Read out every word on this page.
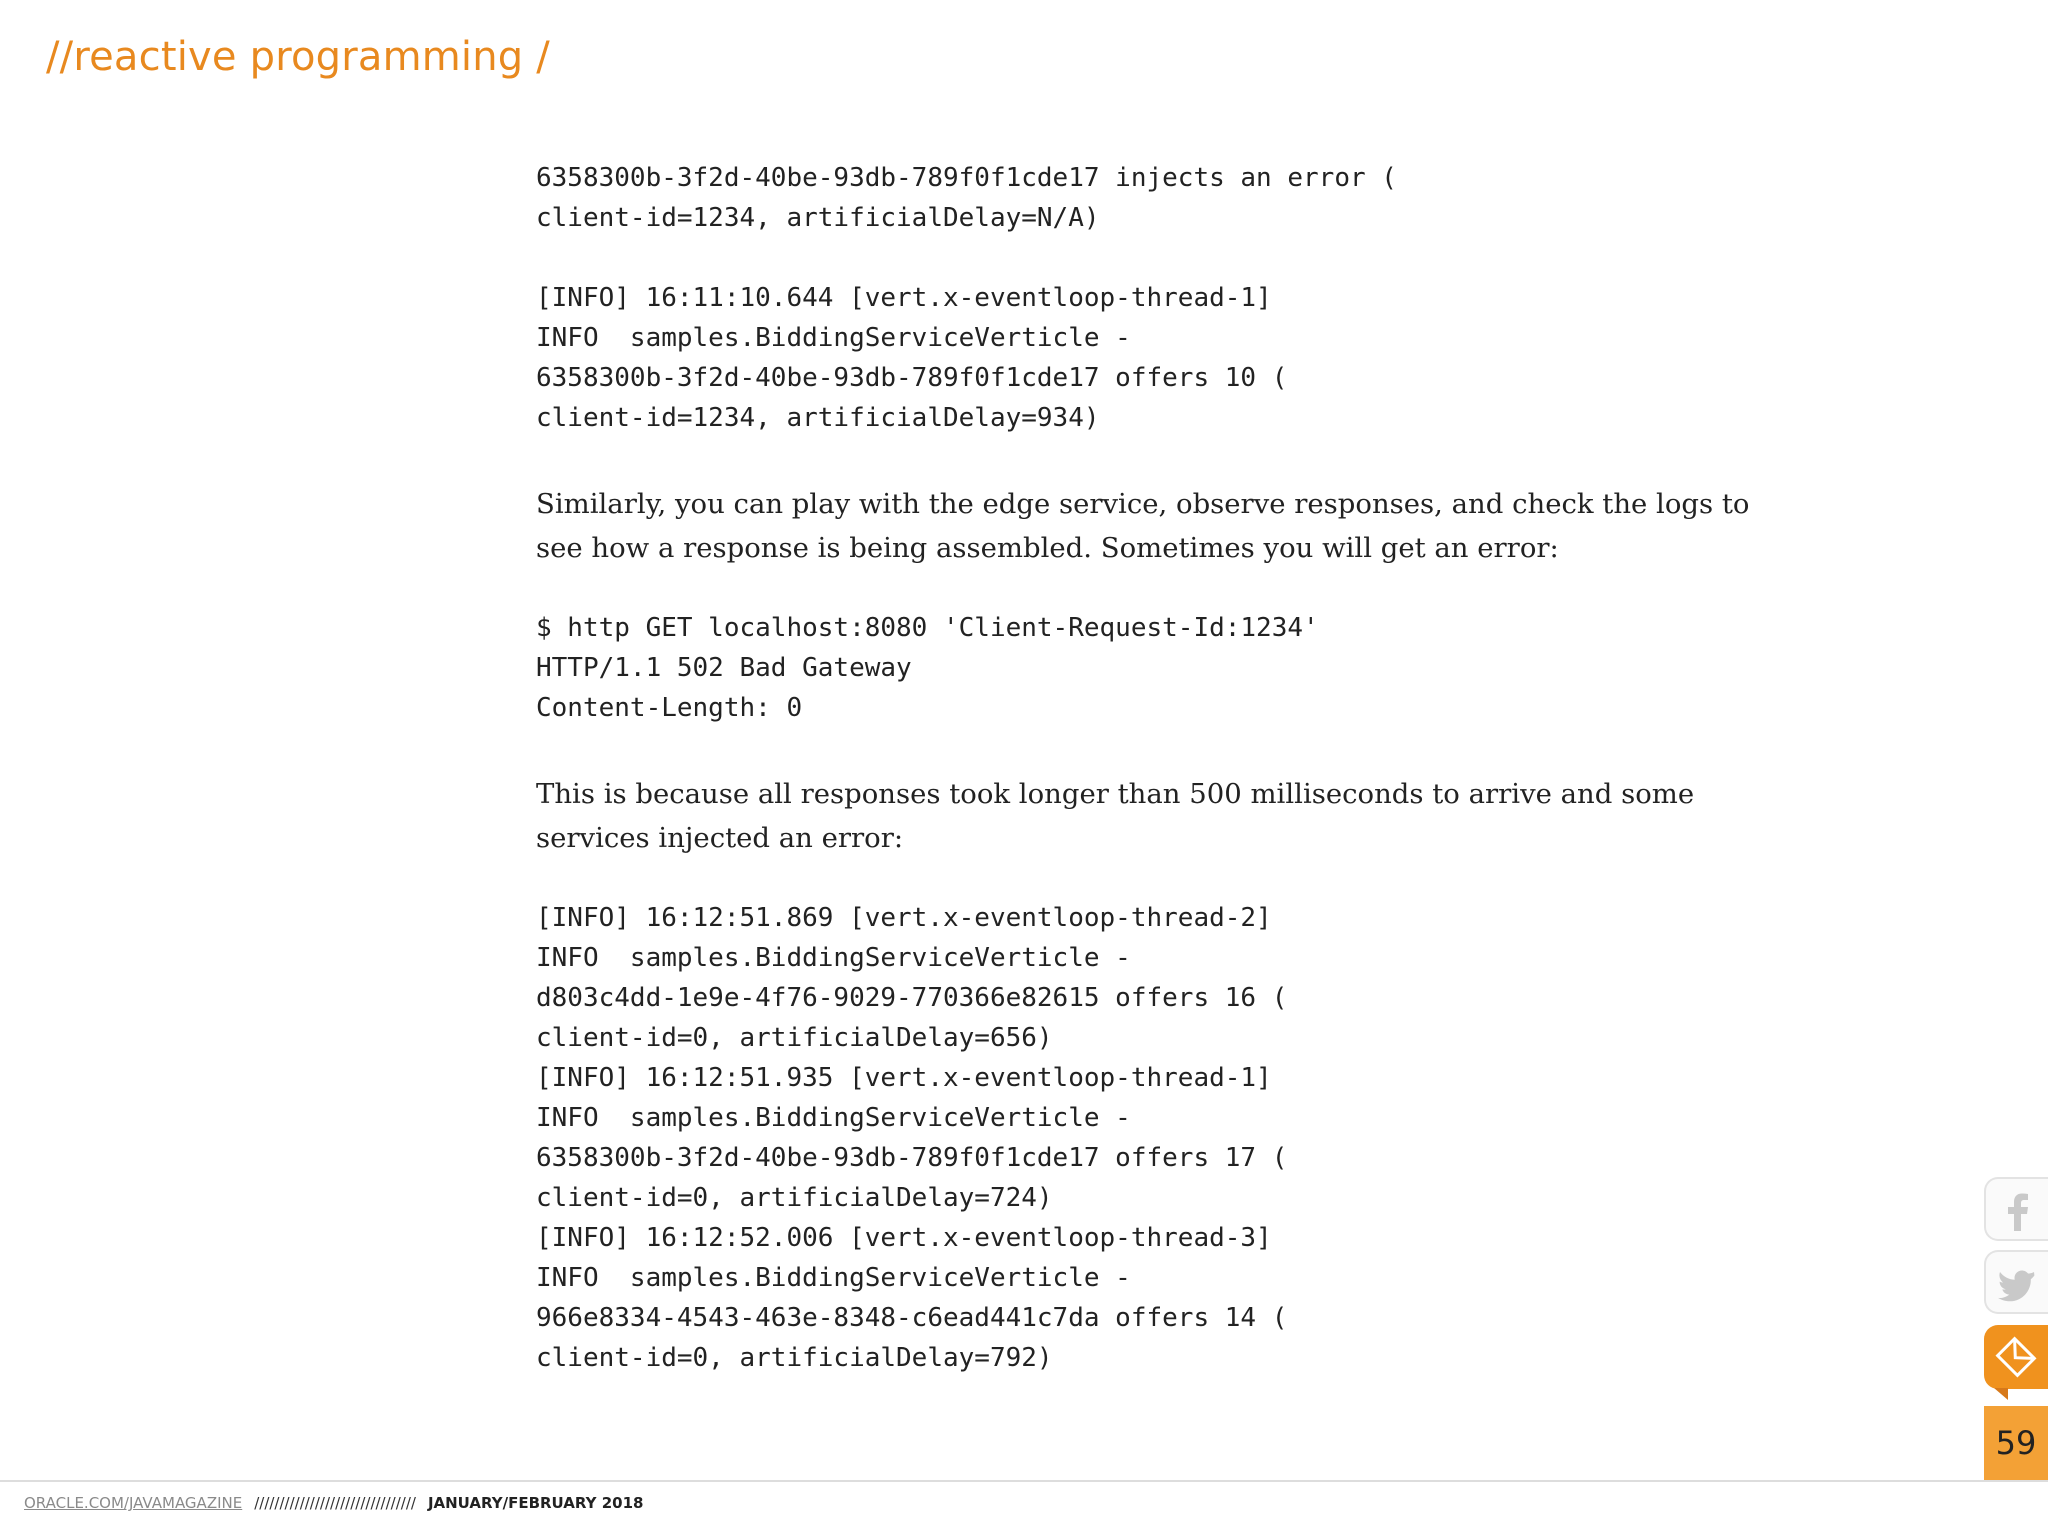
//reactive programming /
6358300b-3f2d-40be-93db-789f0f1cde17 injects an error (
client-id=1234, artificialDelay=N/A)

[INFO] 16:11:10.644 [vert.x-eventloop-thread-1]
INFO  samples.BiddingServiceVerticle -
6358300b-3f2d-40be-93db-789f0f1cde17 offers 10 (
client-id=1234, artificialDelay=934)

Similarly, you can play with the edge service, observe responses, and check the logs to see how a response is being assembled. Sometimes you will get an error:

$ http GET localhost:8080 'Client-Request-Id:1234'
HTTP/1.1 502 Bad Gateway
Content-Length: 0

This is because all responses took longer than 500 milliseconds to arrive and some services injected an error:

[INFO] 16:12:51.869 [vert.x-eventloop-thread-2]
INFO  samples.BiddingServiceVerticle -
d803c4dd-1e9e-4f76-9029-770366e82615 offers 16 (
client-id=0, artificialDelay=656)
[INFO] 16:12:51.935 [vert.x-eventloop-thread-1]
INFO  samples.BiddingServiceVerticle -
6358300b-3f2d-40be-93db-789f0f1cde17 offers 17 (
client-id=0, artificialDelay=724)
[INFO] 16:12:52.006 [vert.x-eventloop-thread-3]
INFO  samples.BiddingServiceVerticle -
966e8334-4543-463e-8348-c6ead441c7da offers 14 (
client-id=0, artificialDelay=792)
59
ORACLE.COM/JAVAMAGAZINE //////////////////////////////// JANUARY/FEBRUARY 2018
